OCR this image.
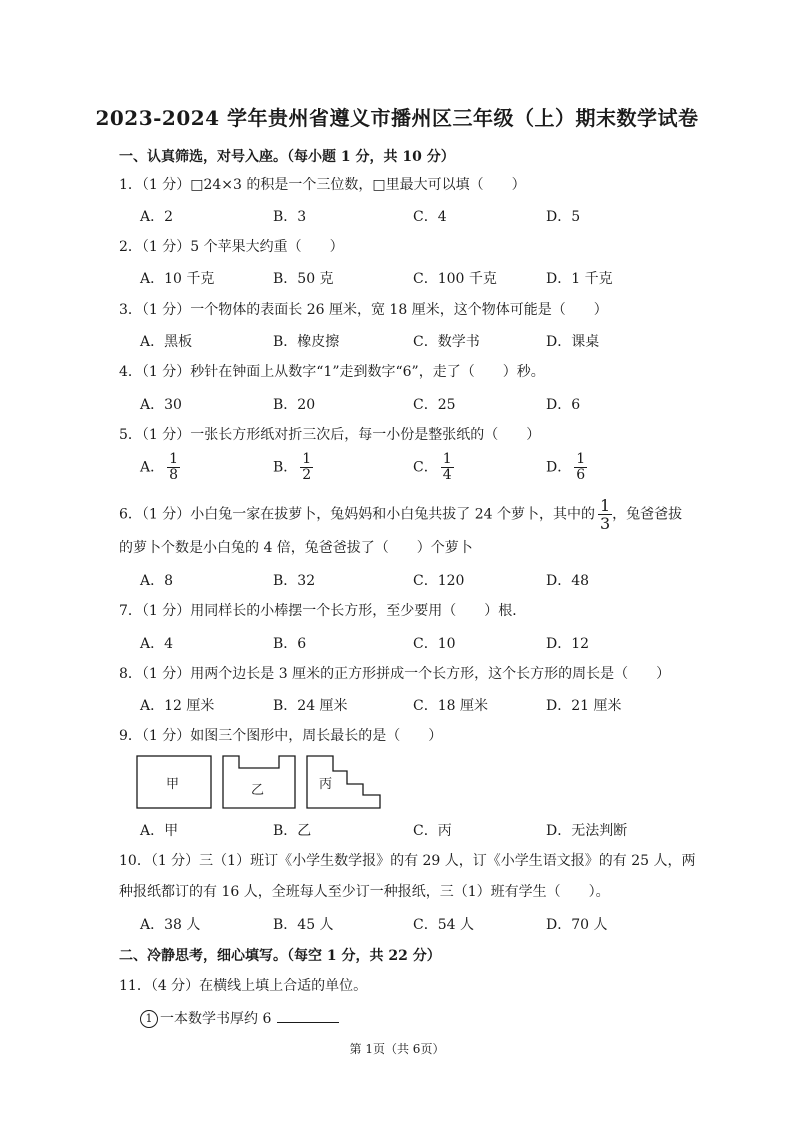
2023-2024 学年贵州省遵义市播州区三年级（上）期末数学试卷
一、认真筛选，对号入座。（每小题 1 分，共 10 分）
1．（1 分）□24×3 的积是一个三位数，□里最大可以填（　　）
A．2	B．3	C．4	D．5
2．（1 分）5 个苹果大约重（　　）
A．10 千克	B．50 克	C．100 千克	D．1 千克
3．（1 分）一个物体的表面长 26 厘米，宽 18 厘米，这个物体可能是（　　）
A．黑板	B．橡皮擦	C．数学书	D．课桌
4．（1 分）秒针在钟面上从数字“1”走到数字“6”，走了（　　）秒。
A．30	B．20	C．25	D．6
5．（1 分）一张长方形纸对折三次后，每一小份是整张纸的（　　）
A． $\frac{1}{8}$	B． $\frac{1}{2}$	C． $\frac{1}{4}$	D． $\frac{1}{6}$
6．（1 分）小白兔一家在拔萝卜，兔妈妈和小白兔共拔了 24 个萝卜，其中的 $\frac{1}{3}$ ，兔爸爸拔
的萝卜个数是小白兔的 4 倍，兔爸爸拔了（　　）个萝卜
A．8	B．32	C．120	D．48
7．（1 分）用同样长的小棒摆一个长方形，至少要用（　　）根．
A．4	B．6	C．10	D．12
8．（1 分）用两个边长是 3 厘米的正方形拼成一个长方形，这个长方形的周长是（　　）
A．12 厘米	B．24 厘米	C．18 厘米	D．21 厘米
9．（1 分）如图三个图形中，周长最长的是（　　）
甲	乙	丙
A．甲	B．乙	C．丙	D．无法判断
10．（1 分）三（1）班订《小学生数学报》的有 29 人，订《小学生语文报》的有 25 人，两
种报纸都订的有 16 人，全班每人至少订一种报纸，三（1）班有学生（　　）。
A．38 人	B．45 人	C．54 人	D．70 人
二、冷静思考，细心填写。（每空 1 分，共 22 分）
11．（4 分）在横线上填上合适的单位。
1 一本数学书厚约 6
第 1页（共 6页）
